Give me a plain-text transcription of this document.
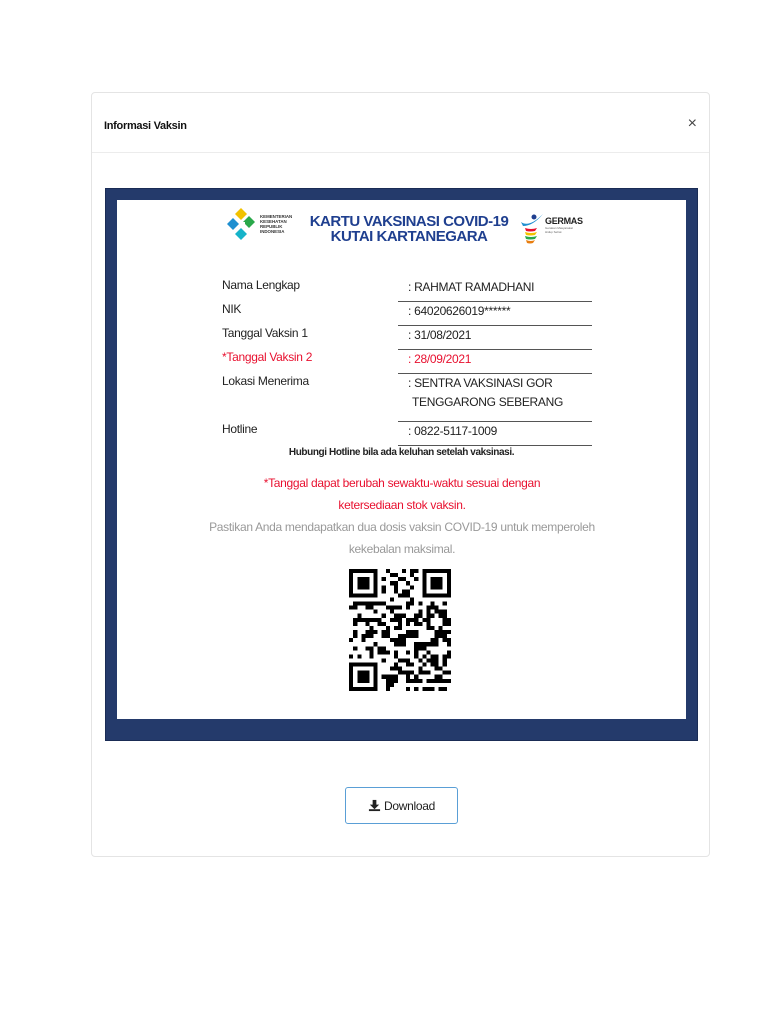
Informasi Vaksin	×
KEMENTERIAN
KESEHATAN
REPUBLIK
INDONESIA
KARTU VAKSINASI COVID-19
KUTAI KARTANEGARA
GERMAS
Gerakan Masyarakat Hidup Sehat
Nama Lengkap	: RAHMAT RAMADHANI
NIK	: 64020626019******
Tanggal Vaksin 1	: 31/08/2021
*Tanggal Vaksin 2	: 28/09/2021
Lokasi Menerima	: SENTRA VAKSINASI GOR
TENGGARONG SEBERANG
Hotline	: 0822-5117-1009
Hubungi Hotline bila ada keluhan setelah vaksinasi.
*Tanggal dapat berubah sewaktu-waktu sesuai dengan ketersediaan stok vaksin.
Pastikan Anda mendapatkan dua dosis vaksin COVID-19 untuk memperoleh kekebalan maksimal.
Download
